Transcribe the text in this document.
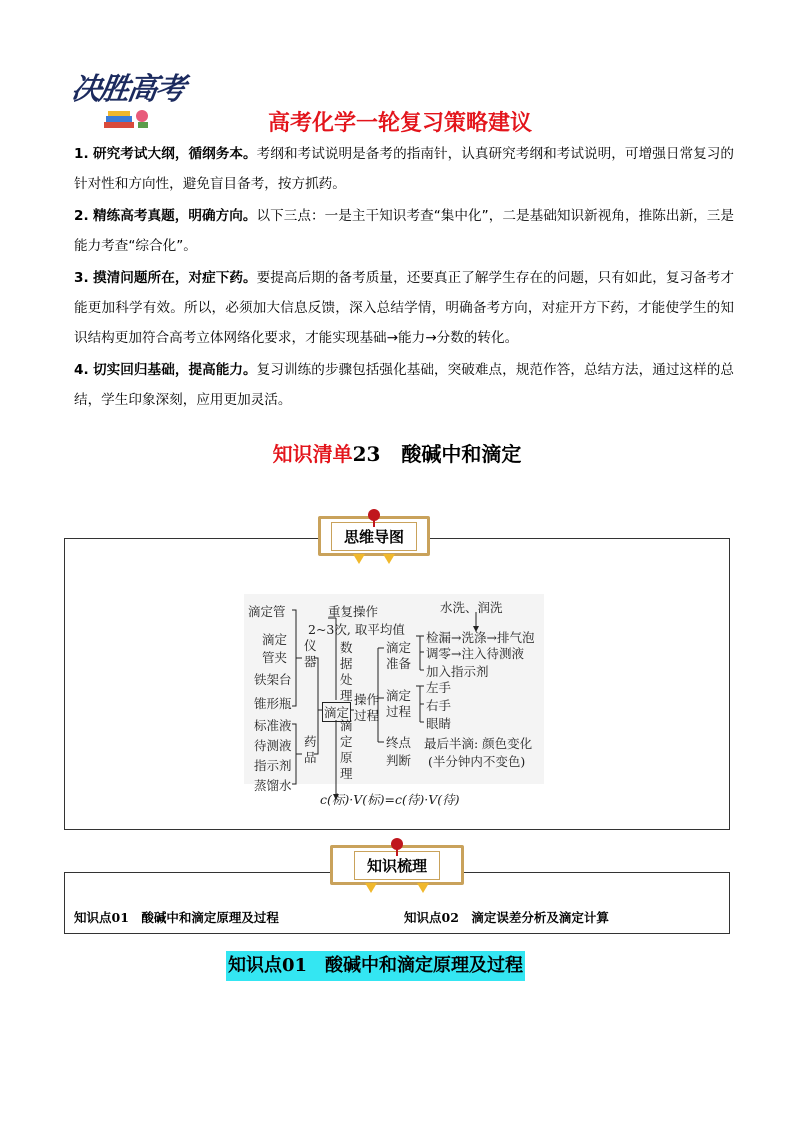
决胜高考
高考化学一轮复习策略建议
1. 研究考试大纲，循纲务本。考纲和考试说明是备考的指南针，认真研究考纲和考试说明，可增强日常复习的针对性和方向性，避免盲目备考，按方抓药。
2. 精练高考真题，明确方向。以下三点：一是主干知识考查“集中化”，二是基础知识新视角，推陈出新，三是能力考查“综合化”。
3. 摸清问题所在，对症下药。要提高后期的备考质量，还要真正了解学生存在的问题，只有如此，复习备考才能更加科学有效。所以，必须加大信息反馈，深入总结学情，明确备考方向，对症开方下药，才能使学生的知识结构更加符合高考立体网络化要求，才能实现基础→能力→分数的转化。
4. 切实回归基础，提高能力。复习训练的步骤包括强化基础，突破难点，规范作答，总结方法，通过这样的总结，学生印象深刻，应用更加灵活。
知识清单23 酸碱中和滴定
思维导图
滴定管
滴定
管夹
铁架台
锥形瓶
仪器
标准液
待测液
指示剂
蒸馏水
药品
滴定
重复操作
2~3次, 取平均值
数据处理
滴定原理
操作过程
滴定准备
检漏→洗涤→排气泡
调零→注入待测液
加入指示剂
水洗、润洗
滴定过程
左手
右手
眼睛
终点判断
最后半滴: 颜色变化
(半分钟内不变色)
c(标)·V(标)=c(待)·V(待)
知识梳理
知识点01　酸碱中和滴定原理及过程	知识点02　滴定误差分析及滴定计算
知识点01　酸碱中和滴定原理及过程
